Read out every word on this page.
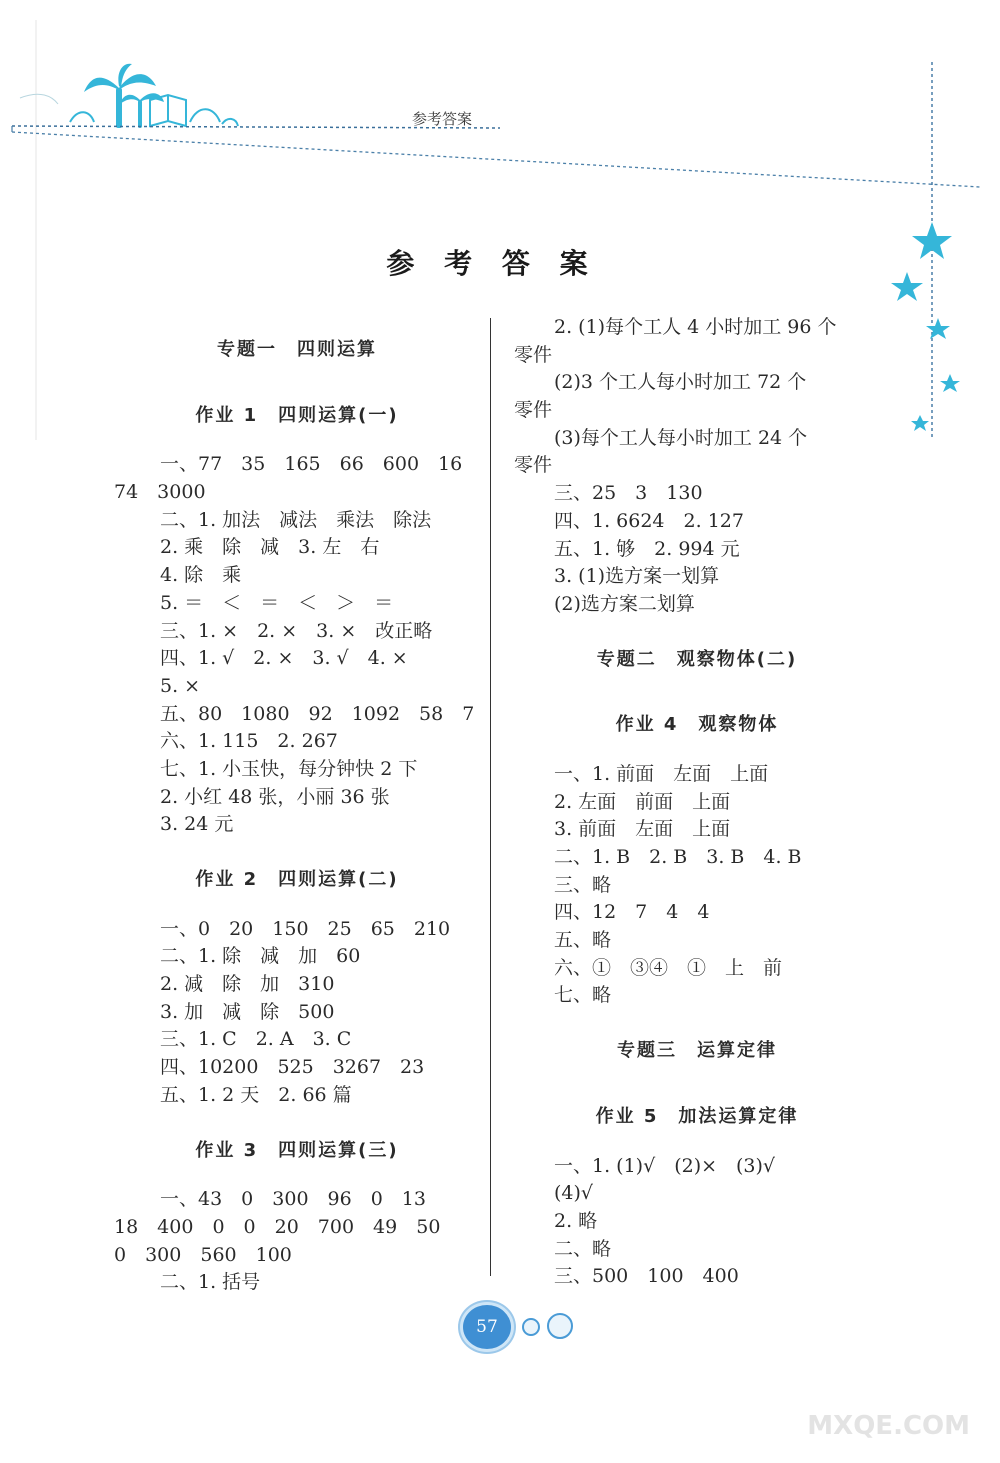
参考答案
参 考 答 案
专题一　四则运算
作业 1　四则运算(一)
一、77　35　165　66　600　16
74　3000
二、1. 加法　减法　乘法　除法
2. 乘　除　减　3. 左　右
4. 除　乘
5. ＝　＜　＝　＜　＞　＝
三、1. ×　2. ×　3. ×　改正略
四、1. √　2. ×　3. √　4. ×
5. ×
五、80　1080　92　1092　58　7
六、1. 115　2. 267
七、1. 小玉快，每分钟快 2 下
2. 小红 48 张，小丽 36 张
3. 24 元
作业 2　四则运算(二)
一、0　20　150　25　65　210
二、1. 除　减　加　60
2. 减　除　加　310
3. 加　减　除　500
三、1. C　2. A　3. C
四、10200　525　3267　23
五、1. 2 天　2. 66 篇
作业 3　四则运算(三)
一、43　0　300　96　0　13
18　400　0　0　20　700　49　50
0　300　560　100
二、1. 括号
2. (1)每个工人 4 小时加工 96 个
零件
(2)3 个工人每小时加工 72 个
零件
(3)每个工人每小时加工 24 个
零件
三、25　3　130
四、1. 6624　2. 127
五、1. 够　2. 994 元
3. (1)选方案一划算
(2)选方案二划算
专题二　观察物体(二)
作业 4　观察物体
一、1. 前面　左面　上面
2. 左面　前面　上面
3. 前面　左面　上面
二、1. B　2. B　3. B　4. B
三、略
四、12　7　4　4
五、略
六、①　③④　①　上　前
七、略
专题三　运算定律
作业 5　加法运算定律
一、1. (1)√　(2)×　(3)√
(4)√
2. 略
二、略
三、500　100　400
57
MXQE.COM
